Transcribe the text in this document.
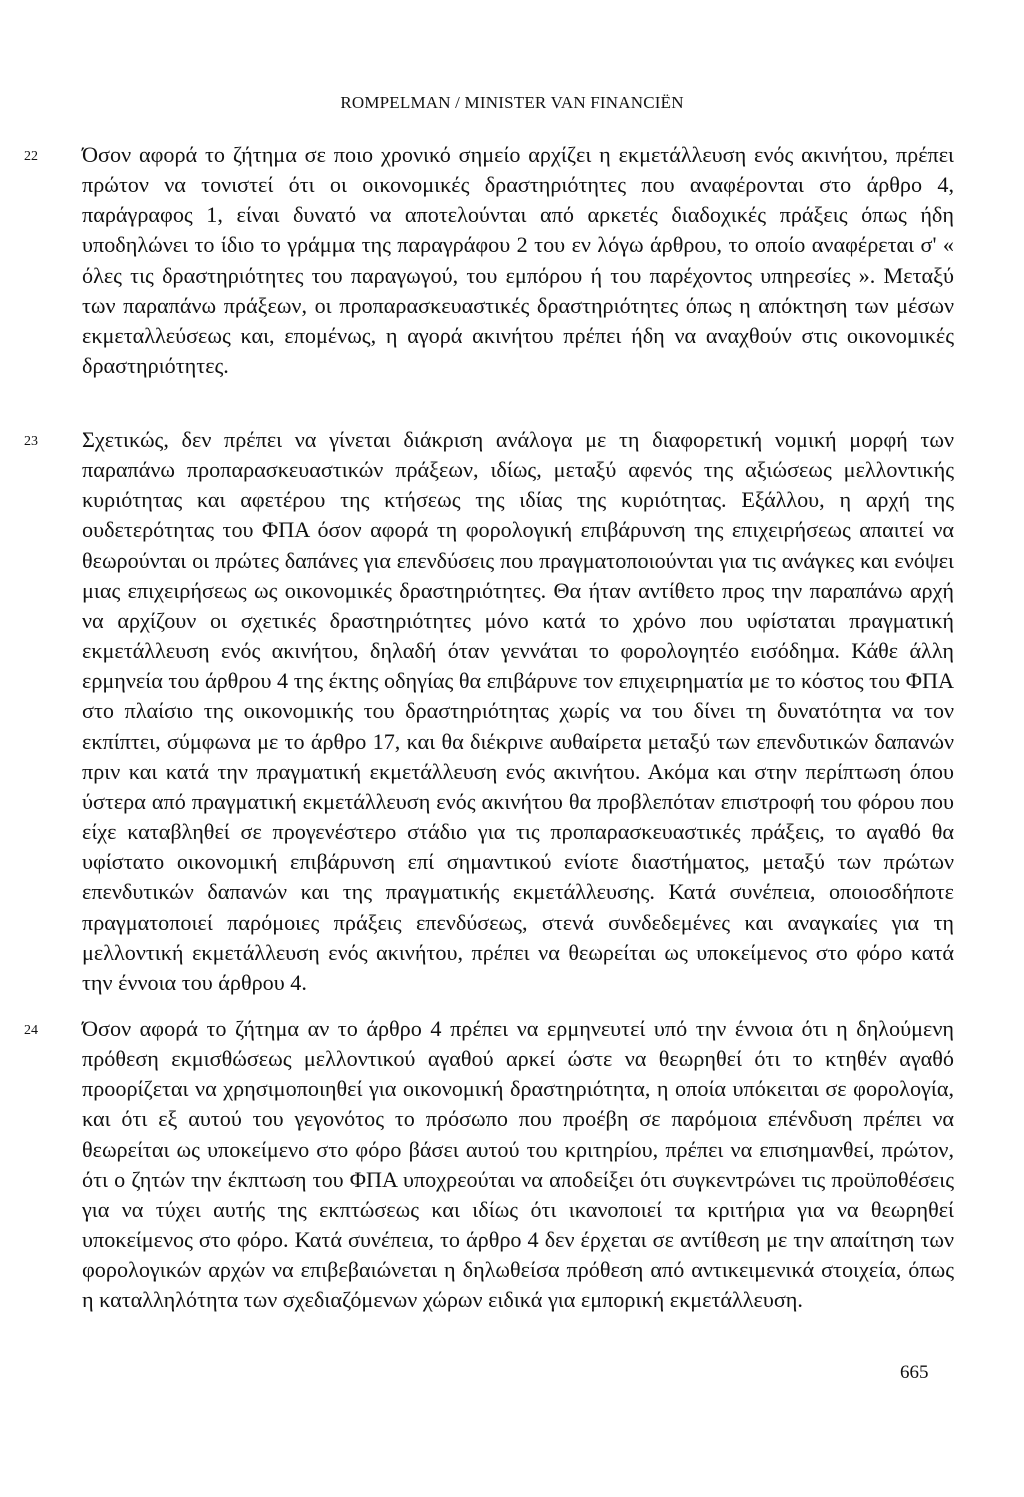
ROMPELMAN / MINISTER VAN FINANCIËN
22 Όσον αφορά το ζήτημα σε ποιο χρονικό σημείο αρχίζει η εκμετάλλευση ενός ακινήτου, πρέπει πρώτον να τονιστεί ότι οι οικονομικές δραστηριότητες που αναφέρονται στο άρθρο 4, παράγραφος 1, είναι δυνατό να αποτελούνται από αρκετές διαδοχικές πράξεις όπως ήδη υποδηλώνει το ίδιο το γράμμα της παραγράφου 2 του εν λόγω άρθρου, το οποίο αναφέρεται σ' « όλες τις δραστηριότητες του παραγωγού, του εμπόρου ή του παρέχοντος υπηρεσίες ». Μεταξύ των παραπάνω πράξεων, οι προπαρασκευαστικές δραστηριότητες όπως η απόκτηση των μέσων εκμεταλλεύσεως και, επομένως, η αγορά ακινήτου πρέπει ήδη να αναχθούν στις οικονομικές δραστηριότητες.
23 Σχετικώς, δεν πρέπει να γίνεται διάκριση ανάλογα με τη διαφορετική νομική μορφή των παραπάνω προπαρασκευαστικών πράξεων, ιδίως, μεταξύ αφενός της αξιώσεως μελλοντικής κυριότητας και αφετέρου της κτήσεως της ιδίας της κυριότητας. Εξάλλου, η αρχή της ουδετερότητας του ΦΠΑ όσον αφορά τη φορολογική επιβάρυνση της επιχειρήσεως απαιτεί να θεωρούνται οι πρώτες δαπάνες για επενδύσεις που πραγματοποιούνται για τις ανάγκες και ενόψει μιας επιχειρήσεως ως οικονομικές δραστηριότητες. Θα ήταν αντίθετο προς την παραπάνω αρχή να αρχίζουν οι σχετικές δραστηριότητες μόνο κατά το χρόνο που υφίσταται πραγματική εκμετάλλευση ενός ακινήτου, δηλαδή όταν γεννάται το φορολογητέο εισόδημα. Κάθε άλλη ερμηνεία του άρθρου 4 της έκτης οδηγίας θα επιβάρυνε τον επιχειρηματία με το κόστος του ΦΠΑ στο πλαίσιο της οικονομικής του δραστηριότητας χωρίς να του δίνει τη δυνατότητα να τον εκπίπτει, σύμφωνα με το άρθρο 17, και θα διέκρινε αυθαίρετα μεταξύ των επενδυτικών δαπανών πριν και κατά την πραγματική εκμετάλλευση ενός ακινήτου. Ακόμα και στην περίπτωση όπου ύστερα από πραγματική εκμετάλλευση ενός ακινήτου θα προβλεπόταν επιστροφή του φόρου που είχε καταβληθεί σε προγενέστερο στάδιο για τις προπαρασκευαστικές πράξεις, το αγαθό θα υφίστατο οικονομική επιβάρυνση επί σημαντικού ενίοτε διαστήματος, μεταξύ των πρώτων επενδυτικών δαπανών και της πραγματικής εκμετάλλευσης. Κατά συνέπεια, οποιοσδήποτε πραγματοποιεί παρόμοιες πράξεις επενδύσεως, στενά συνδεδεμένες και αναγκαίες για τη μελλοντική εκμετάλλευση ενός ακινήτου, πρέπει να θεωρείται ως υποκείμενος στο φόρο κατά την έννοια του άρθρου 4.
24 Όσον αφορά το ζήτημα αν το άρθρο 4 πρέπει να ερμηνευτεί υπό την έννοια ότι η δηλούμενη πρόθεση εκμισθώσεως μελλοντικού αγαθού αρκεί ώστε να θεωρηθεί ότι το κτηθέν αγαθό προορίζεται να χρησιμοποιηθεί για οικονομική δραστηριότητα, η οποία υπόκειται σε φορολογία, και ότι εξ αυτού του γεγονότος το πρόσωπο που προέβη σε παρόμοια επένδυση πρέπει να θεωρείται ως υποκείμενο στο φόρο βάσει αυτού του κριτηρίου, πρέπει να επισημανθεί, πρώτον, ότι ο ζητών την έκπτωση του ΦΠΑ υποχρεούται να αποδείξει ότι συγκεντρώνει τις προϋποθέσεις για να τύχει αυτής της εκπτώσεως και ιδίως ότι ικανοποιεί τα κριτήρια για να θεωρηθεί υποκείμενος στο φόρο. Κατά συνέπεια, το άρθρο 4 δεν έρχεται σε αντίθεση με την απαίτηση των φορολογικών αρχών να επιβεβαιώνεται η δηλωθείσα πρόθεση από αντικειμενικά στοιχεία, όπως η καταλληλότητα των σχεδιαζόμενων χώρων ειδικά για εμπορική εκμετάλλευση.
665
